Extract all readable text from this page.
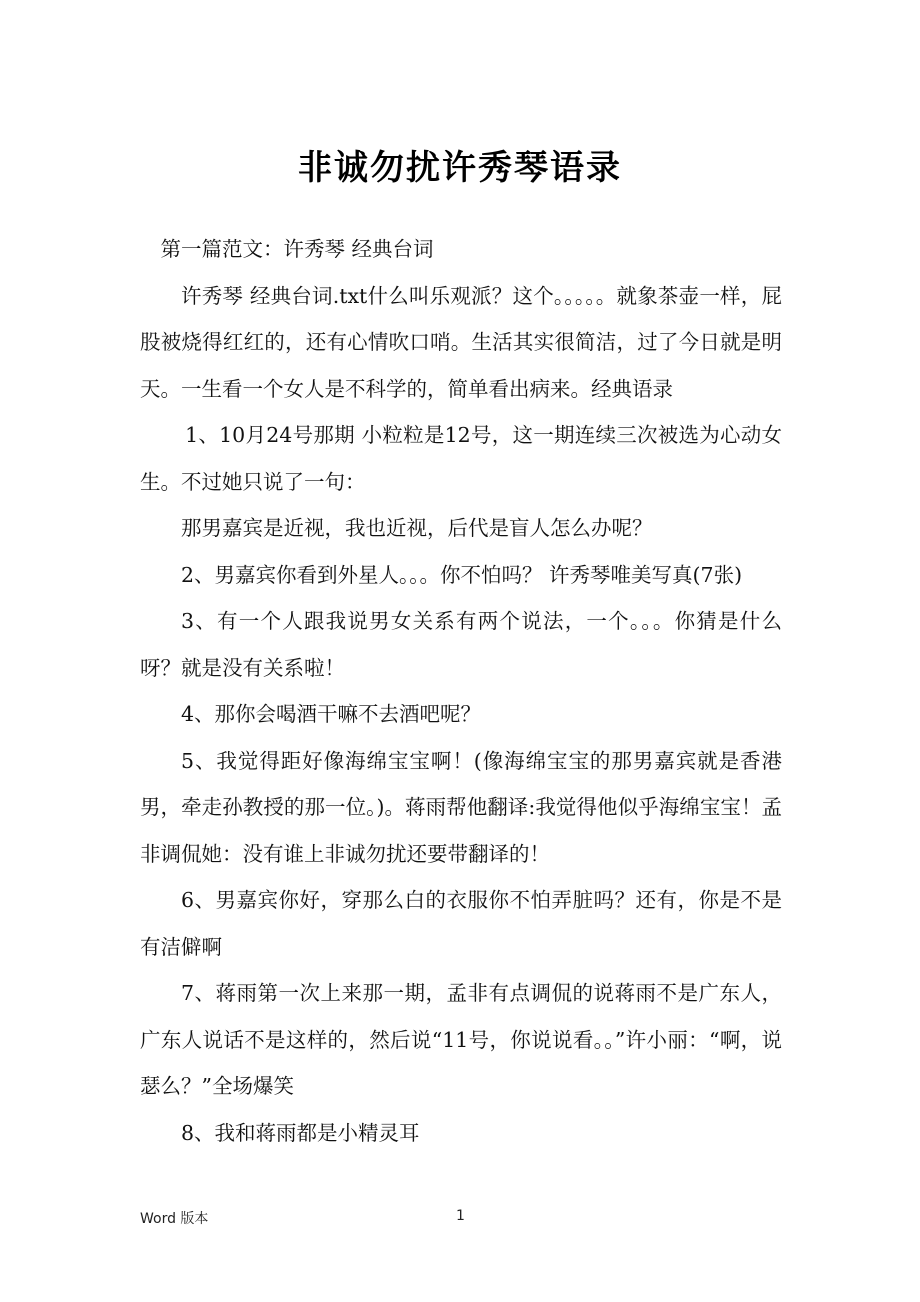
非诚勿扰许秀琴语录

第一篇范文：许秀琴 经典台词

许秀琴 经典台词.txt什么叫乐观派？这个。。。。。就象茶壶一样，屁股被烧得红红的，还有心情吹口哨。生活其实很简洁，过了今日就是明天。一生看一个女人是不科学的，简单看出病来。经典语录

1、10月24号那期 小粒粒是12号，这一期连续三次被选为心动女生。不过她只说了一句：

那男嘉宾是近视，我也近视，后代是盲人怎么办呢？

2、男嘉宾你看到外星人。。。你不怕吗？ 许秀琴唯美写真(7张)

3、有一个人跟我说男女关系有两个说法，一个。。。你猜是什么呀？就是没有关系啦！

4、那你会喝酒干嘛不去酒吧呢？

5、我觉得距好像海绵宝宝啊！(像海绵宝宝的那男嘉宾就是香港男，牵走孙教授的那一位。)。蒋雨帮他翻译:我觉得他似乎海绵宝宝！孟非调侃她：没有谁上非诚勿扰还要带翻译的！

6、男嘉宾你好，穿那么白的衣服你不怕弄脏吗？还有，你是不是有洁僻啊

7、蒋雨第一次上来那一期，孟非有点调侃的说蒋雨不是广东人，广东人说话不是这样的，然后说“11号，你说说看。。”许小丽：“啊，说瑟么？”全场爆笑

8、我和蒋雨都是小精灵耳

Word 版本	1
